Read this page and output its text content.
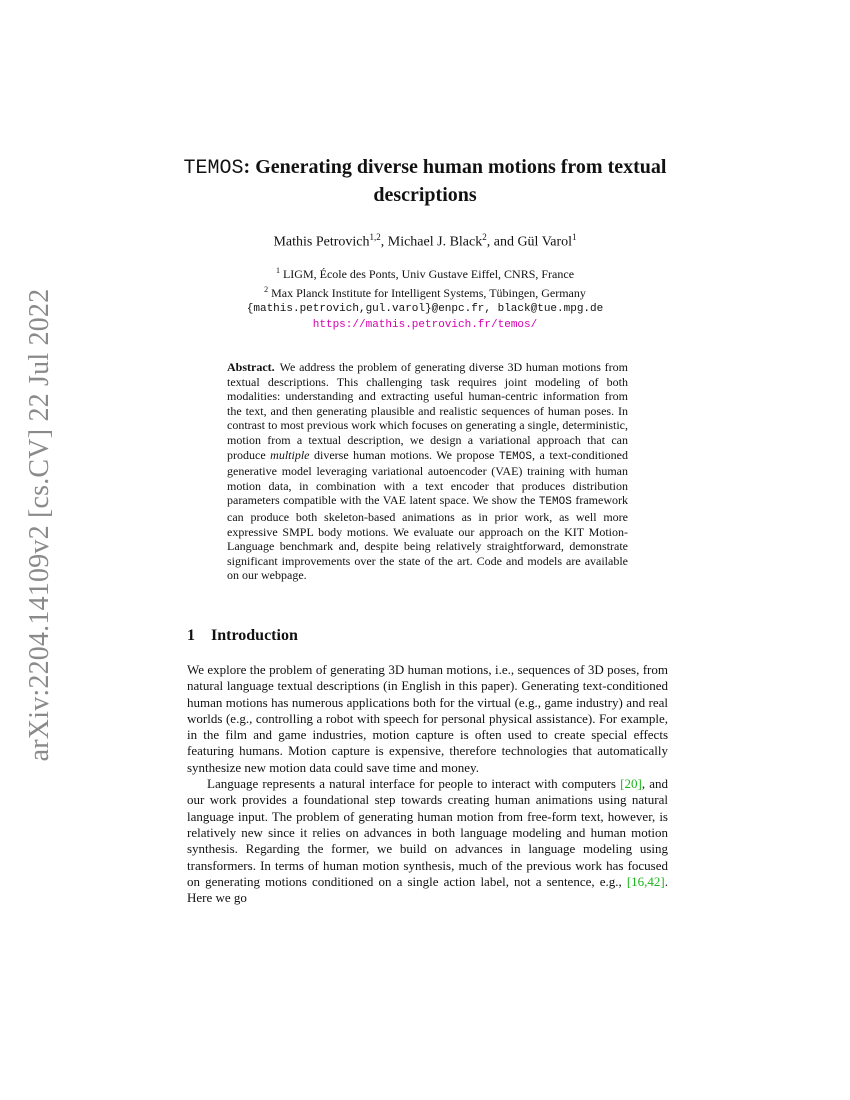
arXiv:2204.14109v2 [cs.CV] 22 Jul 2022
TEMOS: Generating diverse human motions from textual descriptions
Mathis Petrovich$^{1,2}$, Michael J. Black$^2$, and Gül Varol$^1$
$^1$ LIGM, École des Ponts, Univ Gustave Eiffel, CNRS, France
$^2$ Max Planck Institute for Intelligent Systems, Tübingen, Germany
{mathis.petrovich,gul.varol}@enpc.fr, black@tue.mpg.de
https://mathis.petrovich.fr/temos/
Abstract. We address the problem of generating diverse 3D human motions from textual descriptions. This challenging task requires joint modeling of both modalities: understanding and extracting useful human-centric information from the text, and then generating plausible and realistic sequences of human poses. In contrast to most previous work which focuses on generating a single, deterministic, motion from a textual description, we design a variational approach that can produce multiple diverse human motions. We propose TEMOS, a text-conditioned generative model leveraging variational autoencoder (VAE) training with human motion data, in combination with a text encoder that produces distribution parameters compatible with the VAE latent space. We show the TEMOS framework can produce both skeleton-based animations as in prior work, as well more expressive SMPL body motions. We evaluate our approach on the KIT Motion-Language benchmark and, despite being relatively straightforward, demonstrate significant improvements over the state of the art. Code and models are available on our webpage.
1 Introduction

We explore the problem of generating 3D human motions, i.e., sequences of 3D poses, from natural language textual descriptions (in English in this paper). Generating text-conditioned human motions has numerous applications both for the virtual (e.g., game industry) and real worlds (e.g., controlling a robot with speech for personal physical assistance). For example, in the film and game industries, motion capture is often used to create special effects featuring humans. Motion capture is expensive, therefore technologies that automatically synthesize new motion data could save time and money.

Language represents a natural interface for people to interact with computers [20], and our work provides a foundational step towards creating human animations using natural language input. The problem of generating human motion from free-form text, however, is relatively new since it relies on advances in both language modeling and human motion synthesis. Regarding the former, we build on advances in language modeling using transformers. In terms of human motion synthesis, much of the previous work has focused on generating motions conditioned on a single action label, not a sentence, e.g., [16,42]. Here we go
